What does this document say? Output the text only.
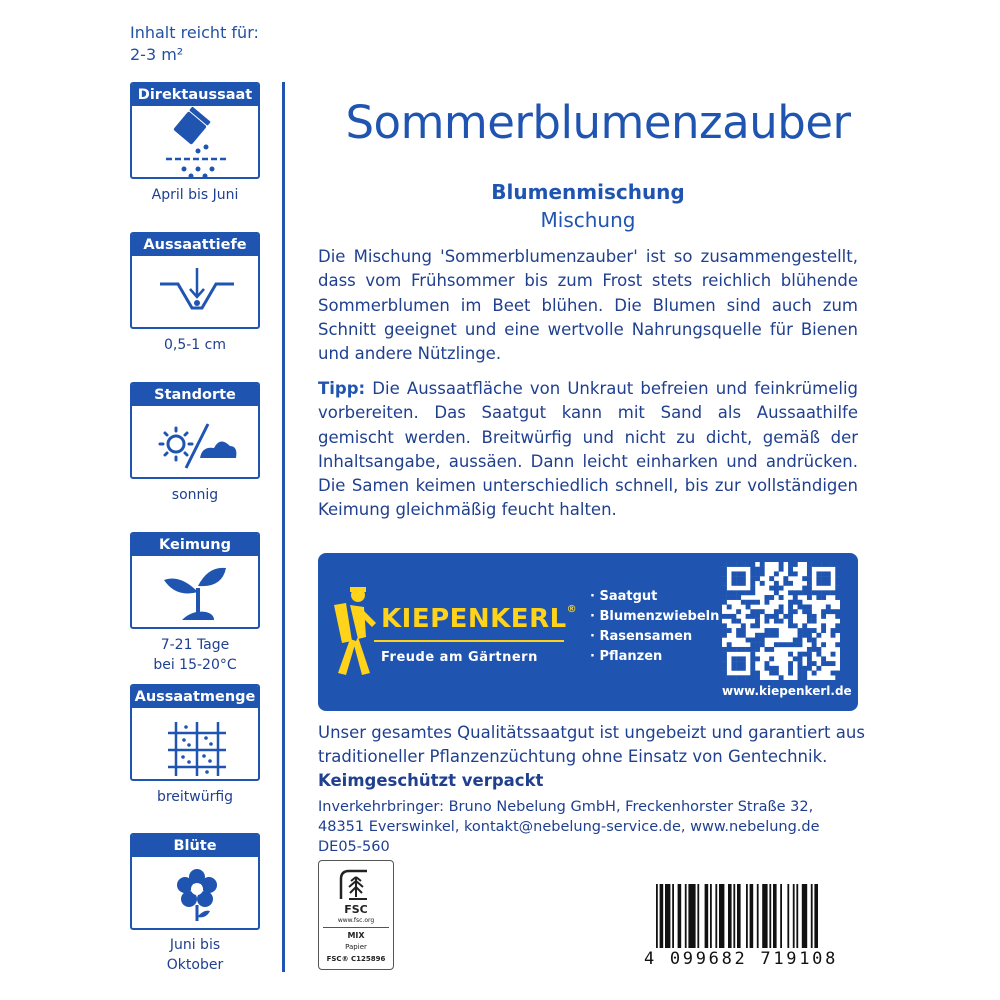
Inhalt reicht für:
2-3 m²
Direktaussaat
April bis Juni
Aussaattiefe
0,5-1 cm
Standorte
sonnig
Keimung
7-21 Tage
bei 15-20°C
Aussaatmenge
breitwürfig
Blüte
Juni bis
Oktober
Sommerblumenzauber
Blumenmischung
Mischung
Die Mischung 'Sommerblumenzauber' ist so zusammengestellt, dass vom Frühsommer bis zum Frost stets reichlich blühende Sommerblumen im Beet blühen. Die Blumen sind auch zum Schnitt geeignet und eine wertvolle Nahrungsquelle für Bienen und andere Nützlinge.
Tipp: Die Aussaatfläche von Unkraut befreien und feinkrümelig vorbereiten. Das Saatgut kann mit Sand als Aussaathilfe gemischt werden. Breitwürfig und nicht zu dicht, gemäß der Inhaltsangabe, aussäen. Dann leicht einharken und andrücken. Die Samen keimen unterschiedlich schnell, bis zur vollständigen Keimung gleichmäßig feucht halten.
KIEPENKERL®
Freude am Gärtnern
· Saatgut
· Blumenzwiebeln
· Rasensamen
· Pflanzen
www.kiepenkerl.de
Unser gesamtes Qualitätssaatgut ist ungebeizt und garantiert aus traditioneller Pflanzenzüchtung ohne Einsatz von Gentechnik.
Keimgeschützt verpackt
Inverkehrbringer: Bruno Nebelung GmbH, Freckenhorster Straße 32,
48351 Everswinkel, kontakt@nebelung-service.de, www.nebelung.de
DE05-560
FSC
www.fsc.org
MIX
Papier
FSC® C125896	4 099682 719108
